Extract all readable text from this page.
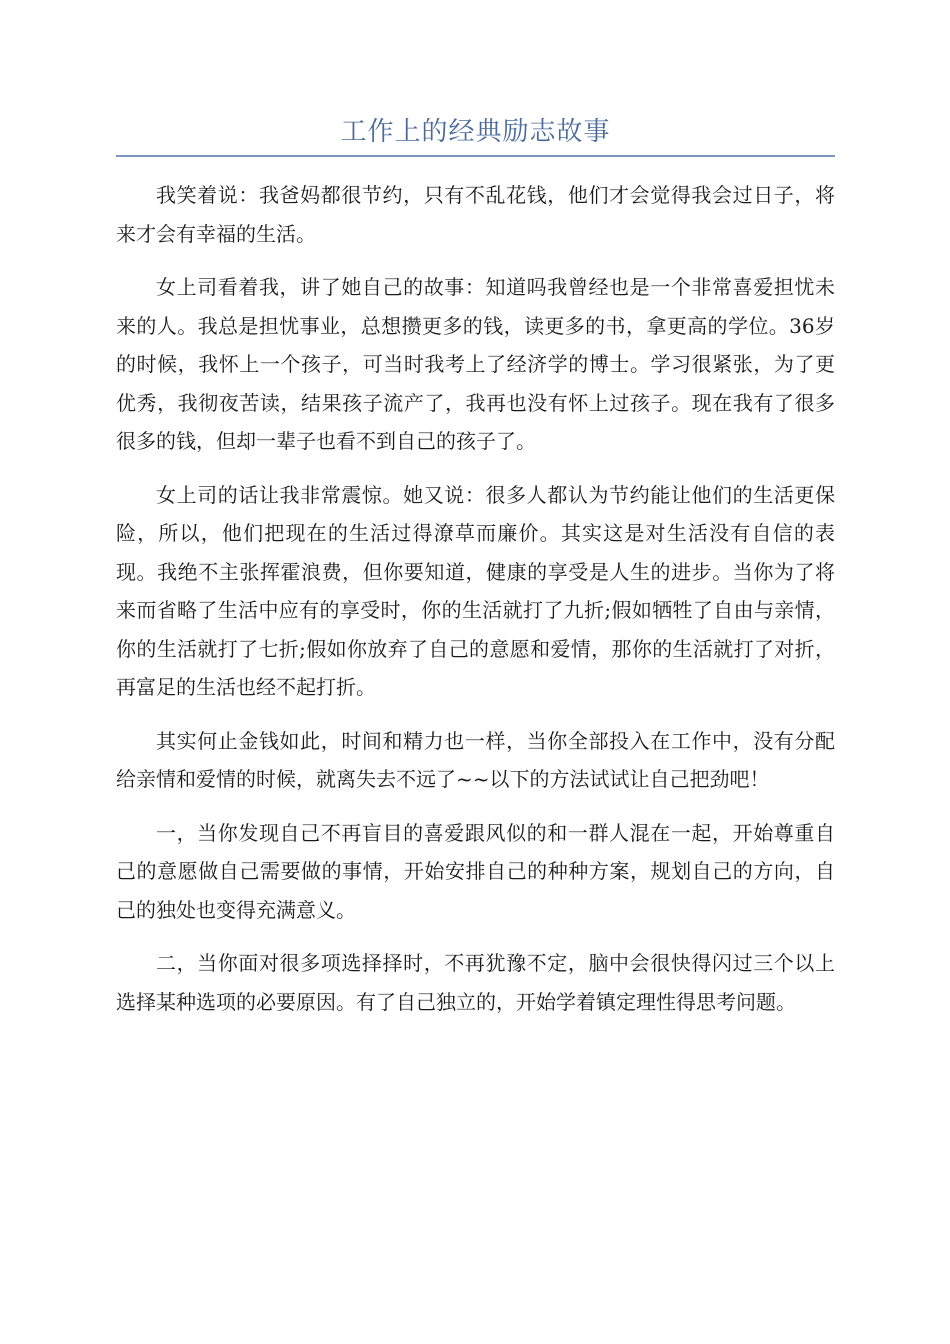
工作上的经典励志故事

我笑着说：我爸妈都很节约，只有不乱花钱，他们才会觉得我会过日子，将来才会有幸福的生活。

女上司看着我，讲了她自己的故事：知道吗我曾经也是一个非常喜爱担忧未来的人。我总是担忧事业，总想攒更多的钱，读更多的书，拿更高的学位。36岁的时候，我怀上一个孩子，可当时我考上了经济学的博士。学习很紧张，为了更优秀，我彻夜苦读，结果孩子流产了，我再也没有怀上过孩子。现在我有了很多很多的钱，但却一辈子也看不到自己的孩子了。

女上司的话让我非常震惊。她又说：很多人都认为节约能让他们的生活更保险，所以，他们把现在的生活过得潦草而廉价。其实这是对生活没有自信的表现。我绝不主张挥霍浪费，但你要知道，健康的享受是人生的进步。当你为了将来而省略了生活中应有的享受时，你的生活就打了九折;假如牺牲了自由与亲情，你的生活就打了七折;假如你放弃了自己的意愿和爱情，那你的生活就打了对折，再富足的生活也经不起打折。

其实何止金钱如此，时间和精力也一样，当你全部投入在工作中，没有分配给亲情和爱情的时候，就离失去不远了~~以下的方法试试让自己把劲吧！

一，当你发现自己不再盲目的喜爱跟风似的和一群人混在一起，开始尊重自己的意愿做自己需要做的事情，开始安排自己的种种方案，规划自己的方向，自己的独处也变得充满意义。

二，当你面对很多项选择择时，不再犹豫不定，脑中会很快得闪过三个以上选择某种选项的必要原因。有了自己独立的，开始学着镇定理性得思考问题。
